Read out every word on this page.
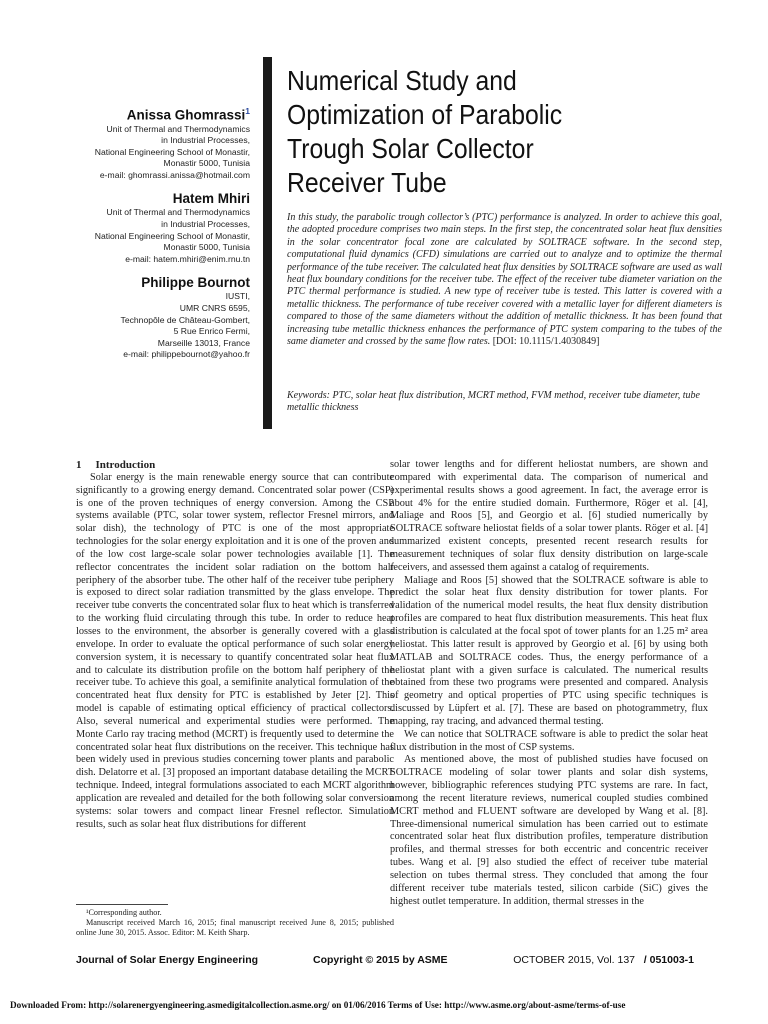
Anissa Ghomrassi$^1$
Unit of Thermal and Thermodynamics
in Industrial Processes,
National Engineering School of Monastir,
Monastir 5000, Tunisia
e-mail: ghomrassi.anissa@hotmail.com
Hatem Mhiri
Unit of Thermal and Thermodynamics
in Industrial Processes,
National Engineering School of Monastir,
Monastir 5000, Tunisia
e-mail: hatem.mhiri@enim.rnu.tn
Philippe Bournot
IUSTI,
UMR CNRS 6595,
Technopôle de Château-Gombert,
5 Rue Enrico Fermi,
Marseille 13013, France
e-mail: philippebournot@yahoo.fr
Numerical Study and
Optimization of Parabolic
Trough Solar Collector
Receiver Tube
In this study, the parabolic trough collector’s (PTC) performance is analyzed. In order to achieve this goal, the adopted procedure comprises two main steps. In the first step, the concentrated solar heat flux densities in the solar concentrator focal zone are calculated by SOLTRACE software. In the second step, computational fluid dynamics (CFD) simulations are carried out to analyze and to optimize the thermal performance of the tube receiver. The calculated heat flux densities by SOLTRACE software are used as wall heat flux boundary conditions for the receiver tube. The effect of the receiver tube diameter variation on the PTC thermal performance is studied. A new type of receiver tube is tested. This latter is covered with a metallic thickness. The performance of tube receiver covered with a metallic layer for different diameters is compared to those of the same diameters without the addition of metallic thickness. It has been found that increasing tube metallic thickness enhances the performance of PTC system comparing to the tubes of the same diameter and crossed by the same flow rates. [DOI: 10.1115/1.4030849]
Keywords: PTC, solar heat flux distribution, MCRT method, FVM method, receiver tube diameter, tube metallic thickness

1 Introduction

Solar energy is the main renewable energy source that can contribute significantly to a growing energy demand. Concentrated solar power (CSP) is one of the proven techniques of energy conversion. Among the CSP systems available (PTC, solar tower system, reflector Fresnel mirrors, and solar dish), the technology of PTC is one of the most appropriate technologies for the solar energy exploitation and it is one of the proven and of the low cost large-scale solar power technologies available [1]. The reflector concentrates the incident solar radiation on the bottom half periphery of the absorber tube. The other half of the receiver tube periphery is exposed to direct solar radiation transmitted by the glass envelope. The receiver tube converts the concentrated solar flux to heat which is transferred to the working fluid circulating through this tube. In order to reduce heat losses to the environment, the absorber is generally covered with a glass envelope. In order to evaluate the optical performance of such solar energy conversion system, it is necessary to quantify concentrated solar heat flux and to calculate its distribution profile on the bottom half periphery of the receiver tube. To achieve this goal, a semifinite analytical formulation of the concentrated heat flux density for PTC is established by Jeter [2]. This model is capable of estimating optical efficiency of practical collectors. Also, several numerical and experimental studies were performed. The Monte Carlo ray tracing method (MCRT) is frequently used to determine the concentrated solar heat flux distributions on the receiver. This technique has been widely used in previous studies concerning tower plants and parabolic dish. Delatorre et al. [3] proposed an important database detailing the MCRT technique. Indeed, integral formulations associated to each MCRT algorithm application are revealed and detailed for the both following solar conversion systems: solar towers and compact linear Fresnel reflector. Simulation results, such as solar heat flux distributions for different

solar tower lengths and for different heliostat numbers, are shown and compared with experimental data. The comparison of numerical and experimental results shows a good agreement. In fact, the average error is about 4% for the entire studied domain. Furthermore, Röger et al. [4], Maliage and Roos [5], and Georgio et al. [6] studied numerically by SOLTRACE software heliostat fields of a solar tower plants. Röger et al. [4] summarized existent concepts, presented recent research results for measurement techniques of solar flux density distribution on large-scale receivers, and assessed them against a catalog of requirements.

Maliage and Roos [5] showed that the SOLTRACE software is able to predict the solar heat flux density distribution for tower plants. For validation of the numerical model results, the heat flux density distribution profiles are compared to heat flux distribution measurements. This heat flux distribution is calculated at the focal spot of tower plants for an 1.25 m² area heliostat. This latter result is approved by Georgio et al. [6] by using both MATLAB and SOLTRACE codes. Thus, the energy performance of a heliostat plant with a given surface is calculated. The numerical results obtained from these two programs were presented and compared. Analysis of geometry and optical properties of PTC using specific techniques is discussed by Lüpfert et al. [7]. These are based on photogrammetry, flux mapping, ray tracing, and advanced thermal testing.

We can notice that SOLTRACE software is able to predict the solar heat flux distribution in the most of CSP systems.

As mentioned above, the most of published studies have focused on SOLTRACE modeling of solar tower plants and solar dish systems, however, bibliographic references studying PTC systems are rare. In fact, among the recent literature reviews, numerical coupled studies combined MCRT method and FLUENT software are developed by Wang et al. [8]. Three-dimensional numerical simulation has been carried out to estimate concentrated solar heat flux distribution profiles, temperature distribution profiles, and thermal stresses for both eccentric and concentric receiver tubes. Wang et al. [9] also studied the effect of receiver tube material selection on tubes thermal stress. They concluded that among the four different receiver tube materials tested, silicon carbide (SiC) gives the highest outlet temperature. In addition, thermal stresses in the

¹Corresponding author.

Manuscript received March 16, 2015; final manuscript received June 8, 2015; published online June 30, 2015. Assoc. Editor: M. Keith Sharp.

Journal of Solar Energy Engineering	Copyright © 2015 by ASME	OCTOBER 2015, Vol. 137 / 051003-1
Downloaded From: http://solarenergyengineering.asmedigitalcollection.asme.org/ on 01/06/2016 Terms of Use: http://www.asme.org/about-asme/terms-of-use
